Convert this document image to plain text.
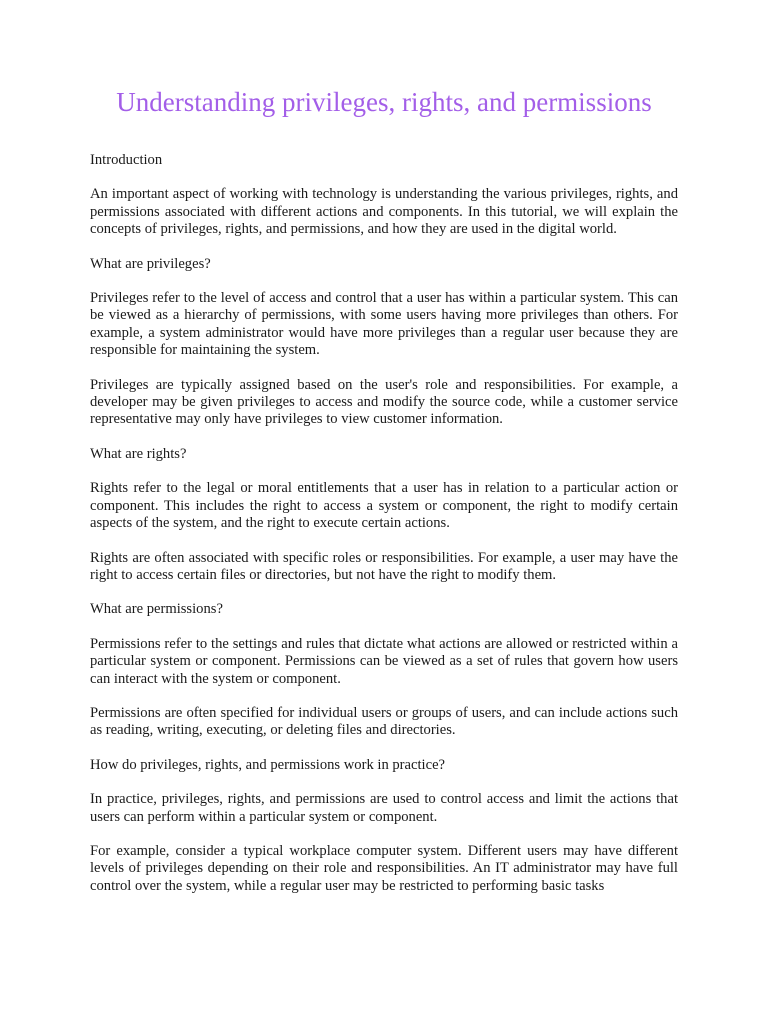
Understanding privileges, rights, and permissions

Introduction

An important aspect of working with technology is understanding the various privileges, rights, and permissions associated with different actions and components. In this tutorial, we will explain the concepts of privileges, rights, and permissions, and how they are used in the digital world.

What are privileges?

Privileges refer to the level of access and control that a user has within a particular system. This can be viewed as a hierarchy of permissions, with some users having more privileges than others. For example, a system administrator would have more privileges than a regular user because they are responsible for maintaining the system.

Privileges are typically assigned based on the user's role and responsibilities. For example, a developer may be given privileges to access and modify the source code, while a customer service representative may only have privileges to view customer information.

What are rights?

Rights refer to the legal or moral entitlements that a user has in relation to a particular action or component. This includes the right to access a system or component, the right to modify certain aspects of the system, and the right to execute certain actions.

Rights are often associated with specific roles or responsibilities. For example, a user may have the right to access certain files or directories, but not have the right to modify them.

What are permissions?

Permissions refer to the settings and rules that dictate what actions are allowed or restricted within a particular system or component. Permissions can be viewed as a set of rules that govern how users can interact with the system or component.

Permissions are often specified for individual users or groups of users, and can include actions such as reading, writing, executing, or deleting files and directories.

How do privileges, rights, and permissions work in practice?

In practice, privileges, rights, and permissions are used to control access and limit the actions that users can perform within a particular system or component.

For example, consider a typical workplace computer system. Different users may have different levels of privileges depending on their role and responsibilities. An IT administrator may have full control over the system, while a regular user may be restricted to performing basic tasks
